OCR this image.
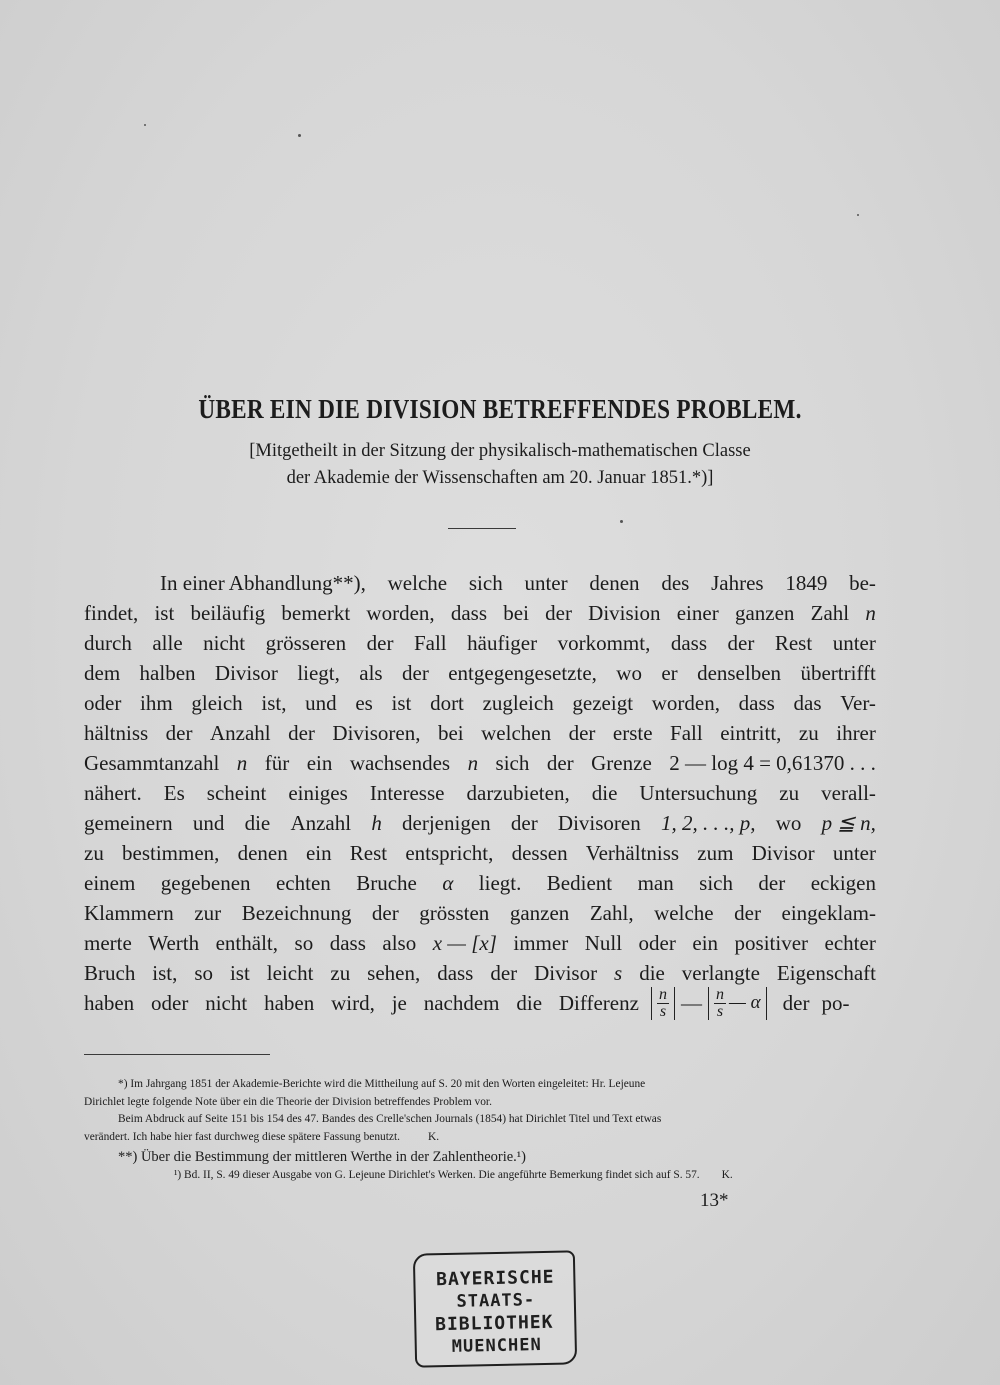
ÜBER EIN DIE DIVISION BETREFFENDES PROBLEM.

[Mitgetheilt in der Sitzung der physikalisch-mathematischen Classe

der Akademie der Wissenschaften am 20. Januar 1851.*)]

In einer Abhandlung**), welche sich unter denen des Jahres 1849 be-
findet, ist beiläufig bemerkt worden, dass bei der Division einer ganzen Zahl n
durch alle nicht grösseren der Fall häufiger vorkommt, dass der Rest unter
dem halben Divisor liegt, als der entgegengesetzte, wo er denselben übertrifft
oder ihm gleich ist, und es ist dort zugleich gezeigt worden, dass das Ver-
hältniss der Anzahl der Divisoren, bei welchen der erste Fall eintritt, zu ihrer
Gesammtanzahl n für ein wachsendes n sich der Grenze 2 — log 4 = 0,61370 . . .
nähert. Es scheint einiges Interesse darzubieten, die Untersuchung zu verall-
gemeinern und die Anzahl h derjenigen der Divisoren 1, 2, . . ., p, wo p ≦ n,
zu bestimmen, denen ein Rest entspricht, dessen Verhältniss zum Divisor unter
einem gegebenen echten Bruche α liegt. Bedient man sich der eckigen
Klammern zur Bezeichnung der grössten ganzen Zahl, welche der eingeklam-
merte Werth enthält, so dass also x — [x] immer Null oder ein positiver echter
Bruch ist, so ist leicht zu sehen, dass der Divisor s die verlangte Eigenschaft
haben oder nicht haben wird, je nachdem die Differenz $\frac{n}{s}$ — $\frac{n}{s}$ — α der po-

*) Im Jahrgang 1851 der Akademie-Berichte wird die Mittheilung auf S. 20 mit den Worten eingeleitet: Hr. Lejeune

Dirichlet legte folgende Note über ein die Theorie der Division betreffendes Problem vor.

Beim Abdruck auf Seite 151 bis 154 des 47. Bandes des Crelle'schen Journals (1854) hat Dirichlet Titel und Text etwas

verändert. Ich habe hier fast durchweg diese spätere Fassung benutzt. K.

**) Über die Bestimmung der mittleren Werthe in der Zahlentheorie.¹)

¹) Bd. II, S. 49 dieser Ausgabe von G. Lejeune Dirichlet's Werken. Die angeführte Bemerkung findet sich auf S. 57. K.

13*
BAYERISCHE
STAATS-
BIBLIOTHEK
MUENCHEN
